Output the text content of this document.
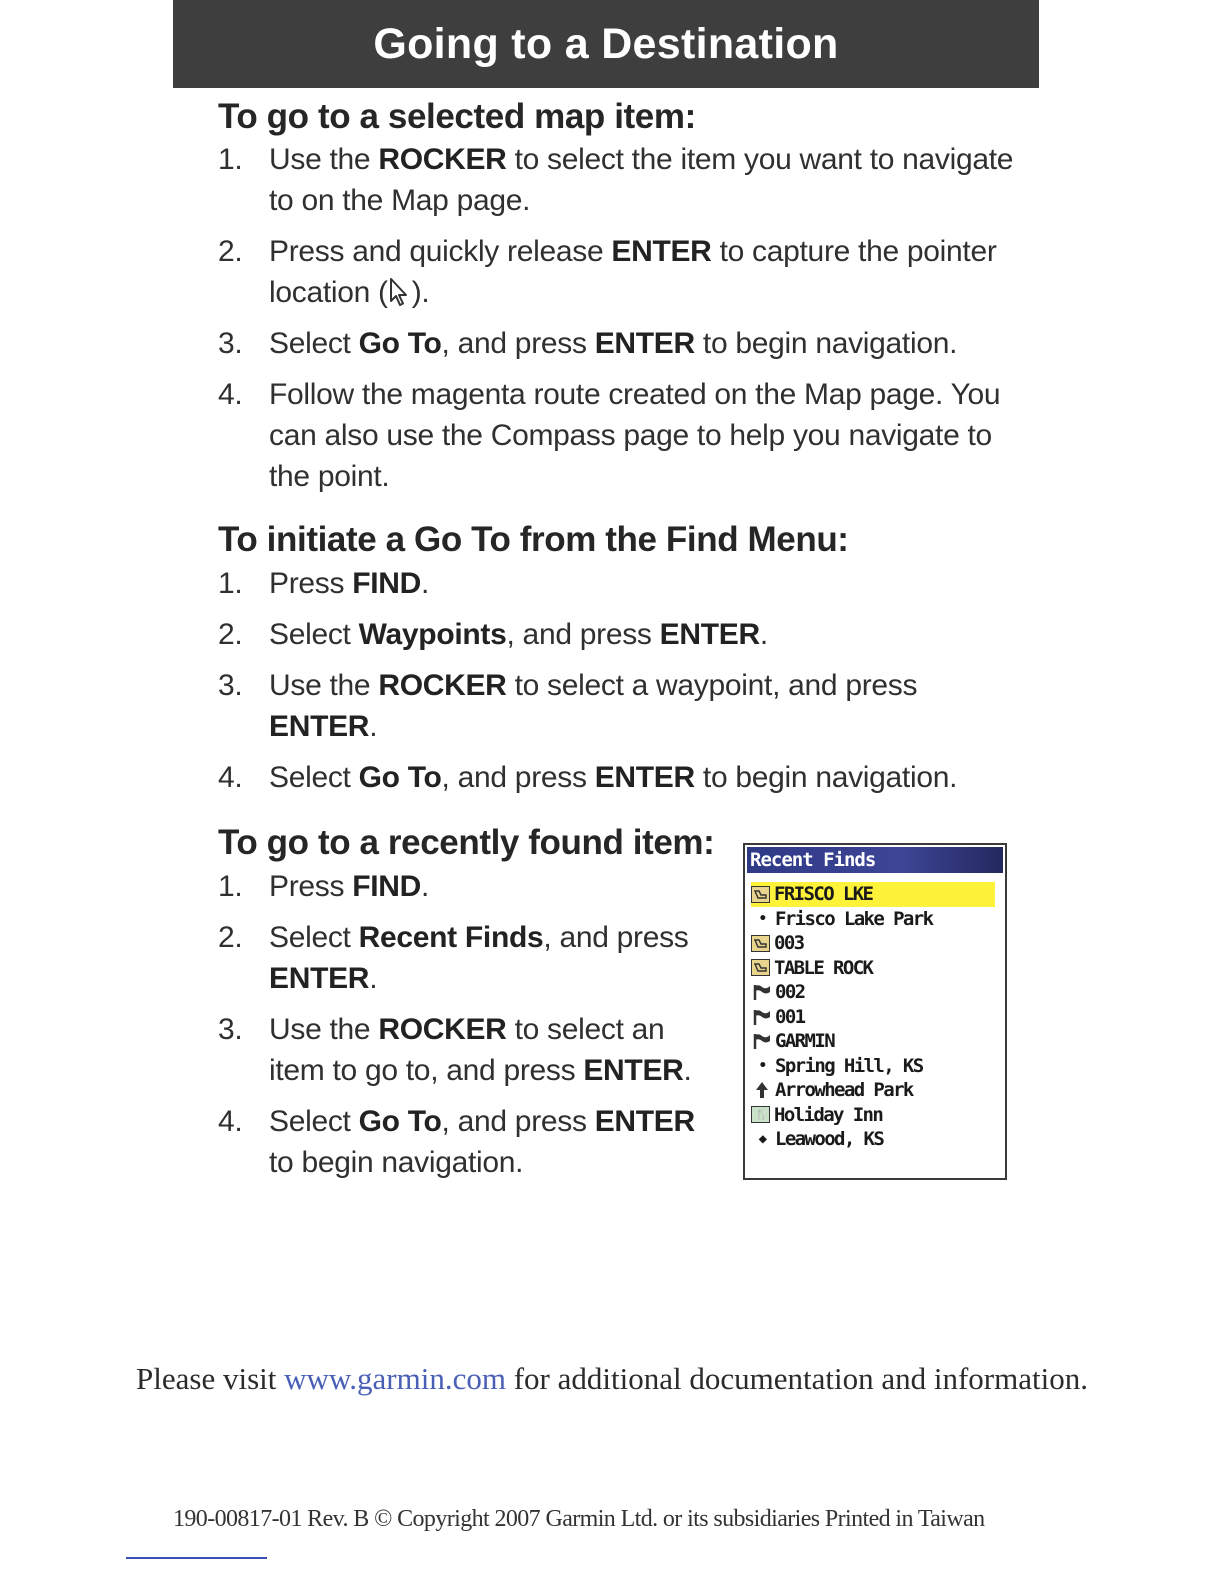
Going to a Destination
To go to a selected map item:
1. Use the ROCKER to select the item you want to navigate to on the Map page.
2. Press and quickly release ENTER to capture the pointer location ( ).
3. Select Go To, and press ENTER to begin navigation.
4. Follow the magenta route created on the Map page. You can also use the Compass page to help you navigate to the point.
To initiate a Go To from the Find Menu:
1. Press FIND.
2. Select Waypoints, and press ENTER.
3. Use the ROCKER to select a waypoint, and press ENTER.
4. Select Go To, and press ENTER to begin navigation.
To go to a recently found item:
1. Press FIND.
2. Select Recent Finds, and press ENTER.
3. Use the ROCKER to select an item to go to, and press ENTER.
4. Select Go To, and press ENTER to begin navigation.
Recent Finds
FRISCO LKE
• Frisco Lake Park
003
TABLE ROCK
002
001
GARMIN
• Spring Hill, KS
Arrowhead Park
🍴 Holiday Inn
◆ Leawood, KS
Please visit www.garmin.com for additional documentation and information.
190-00817-01 Rev. B © Copyright 2007 Garmin Ltd. or its subsidiaries Printed in Taiwan
